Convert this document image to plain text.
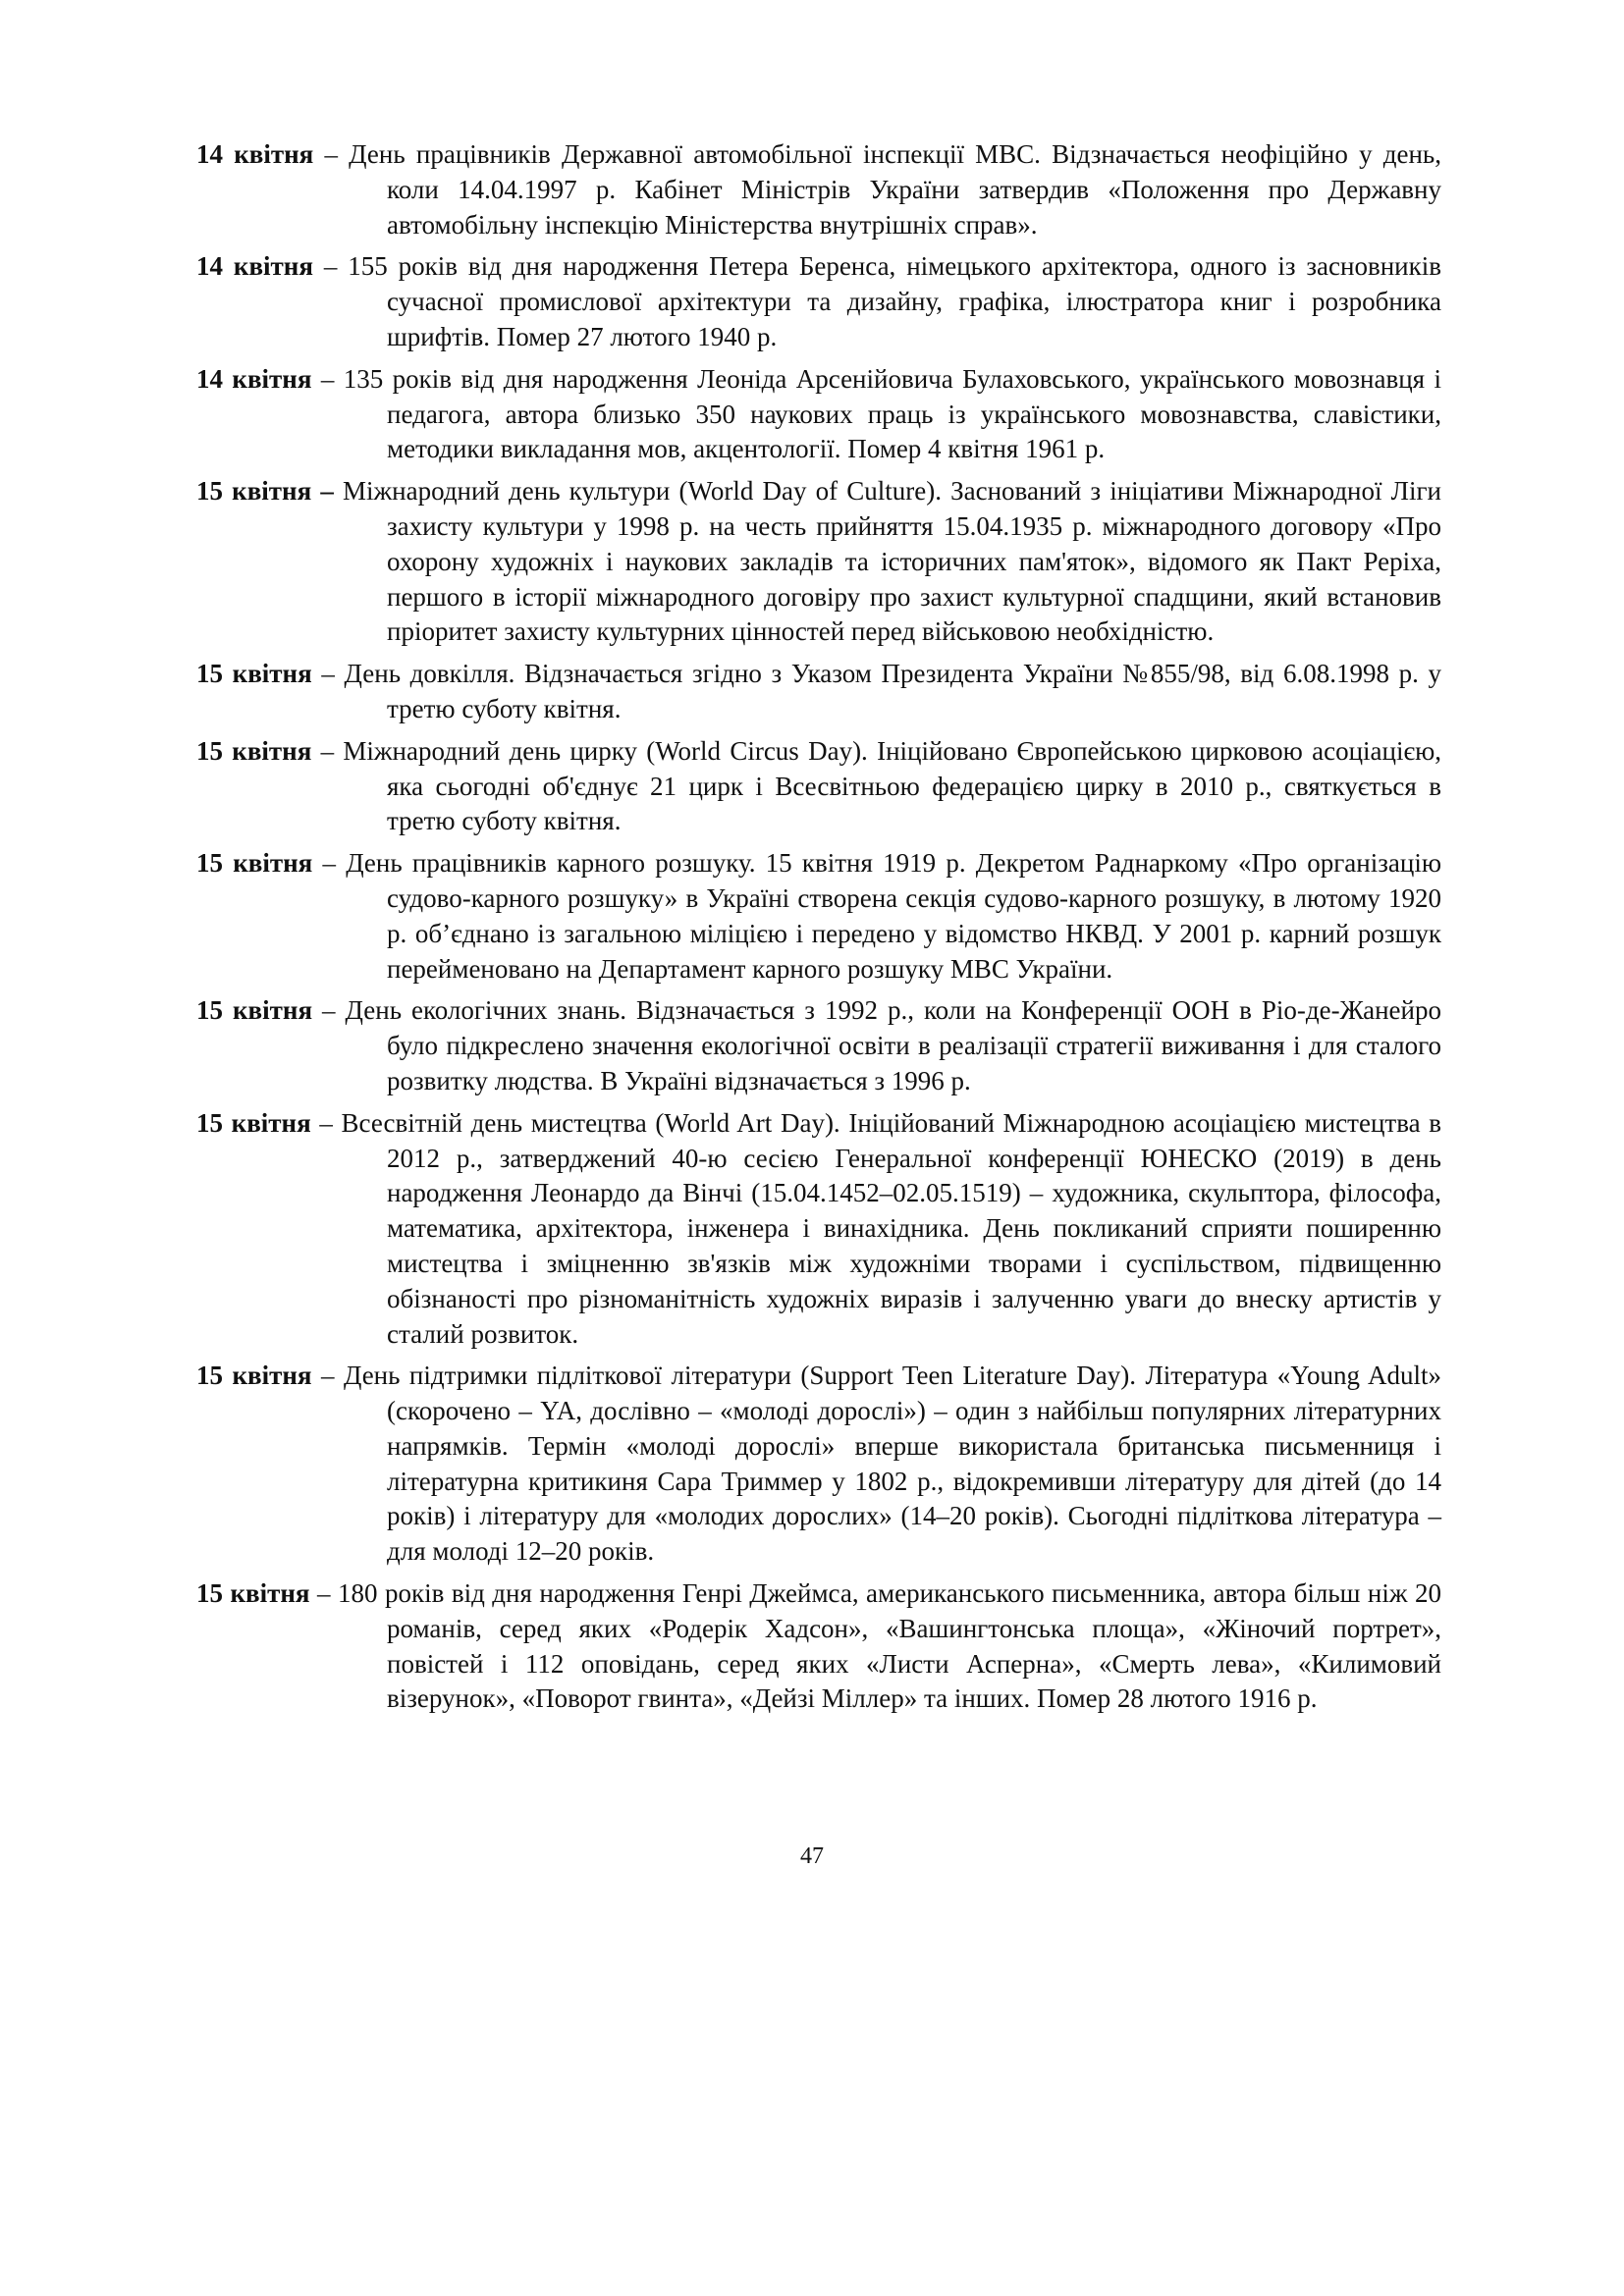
14 квітня – День працівників Державної автомобільної інспекції МВС. Відзначається неофіційно у день, коли 14.04.1997 р. Кабінет Міністрів України затвердив «Положення про Державну автомобільну інспекцію Міністерства внутрішніх справ».

14 квітня – 155 років від дня народження Петера Беренса, німецького архітектора, одного із засновників сучасної промислової архітектури та дизайну, графіка, ілюстратора книг і розробника шрифтів. Помер 27 лютого 1940 р.

14 квітня – 135 років від дня народження Леоніда Арсенійовича Булаховського, українського мовознавця і педагога, автора близько 350 наукових праць із українського мовознавства, славістики, методики викладання мов, акцентології. Помер 4 квітня 1961 р.

15 квітня – Міжнародний день культури (World Day of Culture). Заснований з ініціативи Міжнародної Ліги захисту культури у 1998 р. на честь прийняття 15.04.1935 р. міжнародного договору «Про охорону художніх і наукових закладів та історичних пам'яток», відомого як Пакт Реріха, першого в історії міжнародного договіру про захист культурної спадщини, який встановив пріоритет захисту культурних цінностей перед військовою необхідністю.

15 квітня – День довкілля. Відзначається згідно з Указом Президента України №855/98, від 6.08.1998 р. у третю суботу квітня.

15 квітня – Міжнародний день цирку (World Circus Day). Ініційовано Європейською цирковою асоціацією, яка сьогодні об'єднує 21 цирк і Всесвітньою федерацією цирку в 2010 р., святкується в третю суботу квітня.

15 квітня – День працівників карного розшуку. 15 квітня 1919 р. Декретом Раднаркому «Про організацію судово-карного розшуку» в Україні створена секція судово-карного розшуку, в лютому 1920 р. об’єднано із загальною міліцією і передено у відомство НКВД. У 2001 р. карний розшук перейменовано на Департамент карного розшуку МВС України.

15 квітня – День екологічних знань. Відзначається з 1992 р., коли на Конференції ООН в Ріо-де-Жанейро було підкреслено значення екологічної освіти в реалізації стратегії виживання і для сталого розвитку людства. В Україні відзначається з 1996 р.

15 квітня – Всесвітній день мистецтва (World Art Day). Ініційований Міжнародною асоціацією мистецтва в 2012 р., затверджений 40-ю сесією Генеральної конференції ЮНЕСКО (2019) в день народження Леонардо да Вінчі (15.04.1452–02.05.1519) – художника, скульптора, філософа, математика, архітектора, інженера і винахідника. День покликаний сприяти поширенню мистецтва і зміцненню зв'язків між художніми творами і суспільством, підвищенню обізнаності про різноманітність художніх виразів і залученню уваги до внеску артистів у сталий розвиток.

15 квітня – День підтримки підліткової літератури (Support Teen Literature Day). Література «Young Adult» (скорочено – YA, дослівно – «молоді дорослі») – один з найбільш популярних літературних напрямків. Термін «молоді дорослі» вперше використала британська письменниця і літературна критикиня Сара Триммер у 1802 р., відокремивши літературу для дітей (до 14 років) і літературу для «молодих дорослих» (14–20 років). Сьогодні підліткова література – для молоді 12–20 років.

15 квітня – 180 років від дня народження Генрі Джеймса, американського письменника, автора більш ніж 20 романів, серед яких «Родерік Хадсон», «Вашингтонська площа», «Жіночий портрет», повістей і 112 оповідань, серед яких «Листи Асперна», «Смерть лева», «Килимовий візерунок», «Поворот гвинта», «Дейзі Міллер» та інших. Помер 28 лютого 1916 р.

47
